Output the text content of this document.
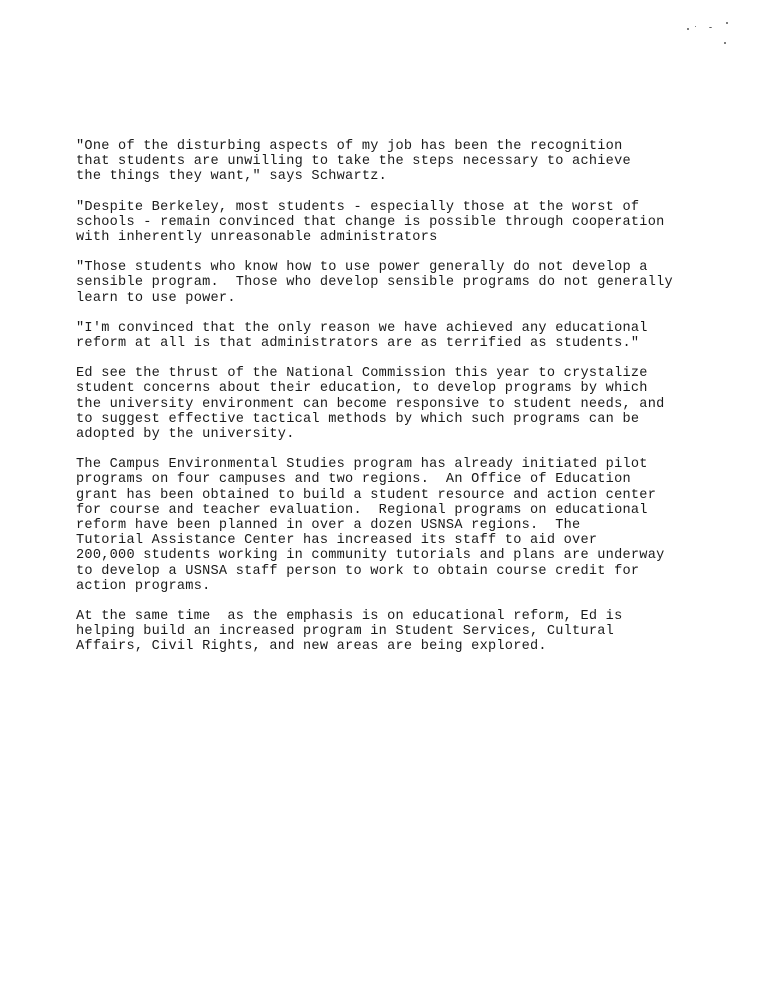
"One of the disturbing aspects of my job has been the recognition
that students are unwilling to take the steps necessary to achieve
the things they want," says Schwartz.

"Despite Berkeley, most students - especially those at the worst of
schools - remain convinced that change is possible through cooperation
with inherently unreasonable administrators

"Those students who know how to use power generally do not develop a
sensible program.  Those who develop sensible programs do not generally
learn to use power.

"I'm convinced that the only reason we have achieved any educational
reform at all is that administrators are as terrified as students."

Ed see the thrust of the National Commission this year to crystalize
student concerns about their education, to develop programs by which
the university environment can become responsive to student needs, and
to suggest effective tactical methods by which such programs can be
adopted by the university.

The Campus Environmental Studies program has already initiated pilot
programs on four campuses and two regions.  An Office of Education
grant has been obtained to build a student resource and action center
for course and teacher evaluation.  Regional programs on educational
reform have been planned in over a dozen USNSA regions.  The
Tutorial Assistance Center has increased its staff to aid over
200,000 students working in community tutorials and plans are underway
to develop a USNSA staff person to work to obtain course credit for
action programs.

At the same time  as the emphasis is on educational reform, Ed is
helping build an increased program in Student Services, Cultural
Affairs, Civil Rights, and new areas are being explored.
